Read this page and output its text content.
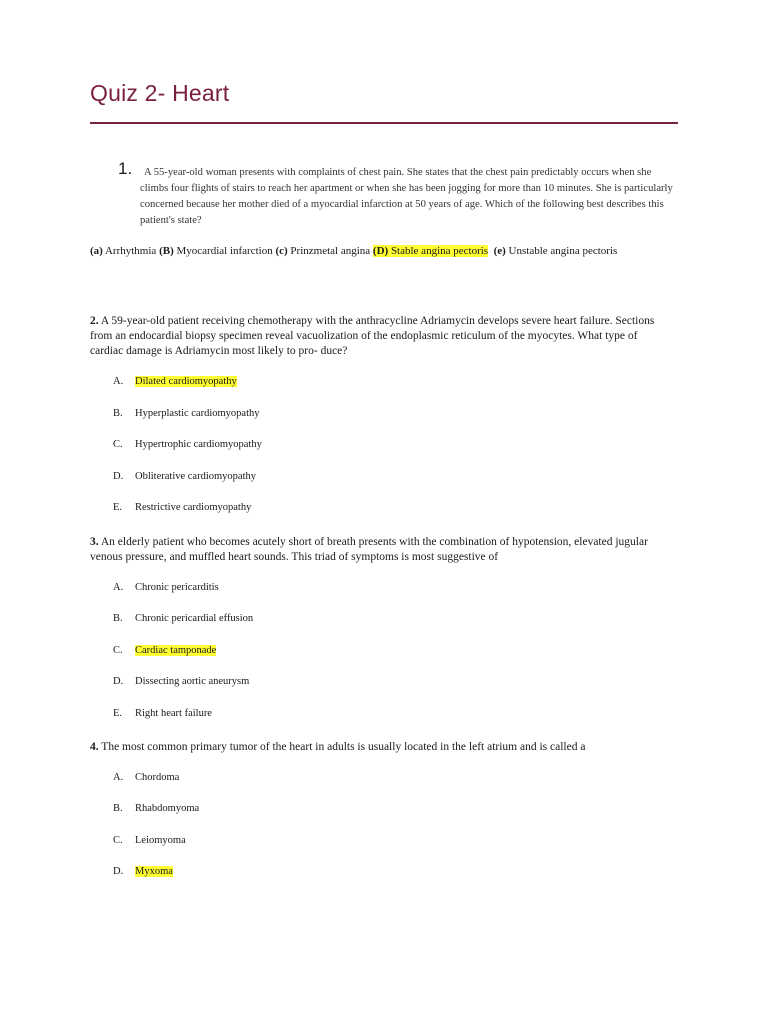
Quiz 2- Heart
1.	A 55-year-old woman presents with complaints of chest pain. She states that the chest pain predictably occurs when she climbs four flights of stairs to reach her apartment or when she has been jogging for more than 10 minutes. She is particularly concerned because her mother died of a myocardial infarction at 50 years of age. Which of the following best describes this patient's state?
(a) Arrhythmia (B) Myocardial infarction (c) Prinzmetal angina (D) Stable angina pectoris (e) Unstable angina pectoris
2. A 59-year-old patient receiving chemotherapy with the anthracycline Adriamycin develops severe heart failure. Sections from an endocardial biopsy specimen reveal vacuolization of the endoplasmic reticulum of the myocytes. What type of cardiac damage is Adriamycin most likely to pro- duce?
A. Dilated cardiomyopathy
B. Hyperplastic cardiomyopathy
C. Hypertrophic cardiomyopathy
D. Obliterative cardiomyopathy
E. Restrictive cardiomyopathy
3. An elderly patient who becomes acutely short of breath presents with the combination of hypotension, elevated jugular venous pressure, and muffled heart sounds. This triad of symptoms is most suggestive of
A. Chronic pericarditis
B. Chronic pericardial effusion
C. Cardiac tamponade
D. Dissecting aortic aneurysm
E. Right heart failure
4. The most common primary tumor of the heart in adults is usually located in the left atrium and is called a
A. Chordoma
B. Rhabdomyoma
C. Leiomyoma
D. Myxoma
